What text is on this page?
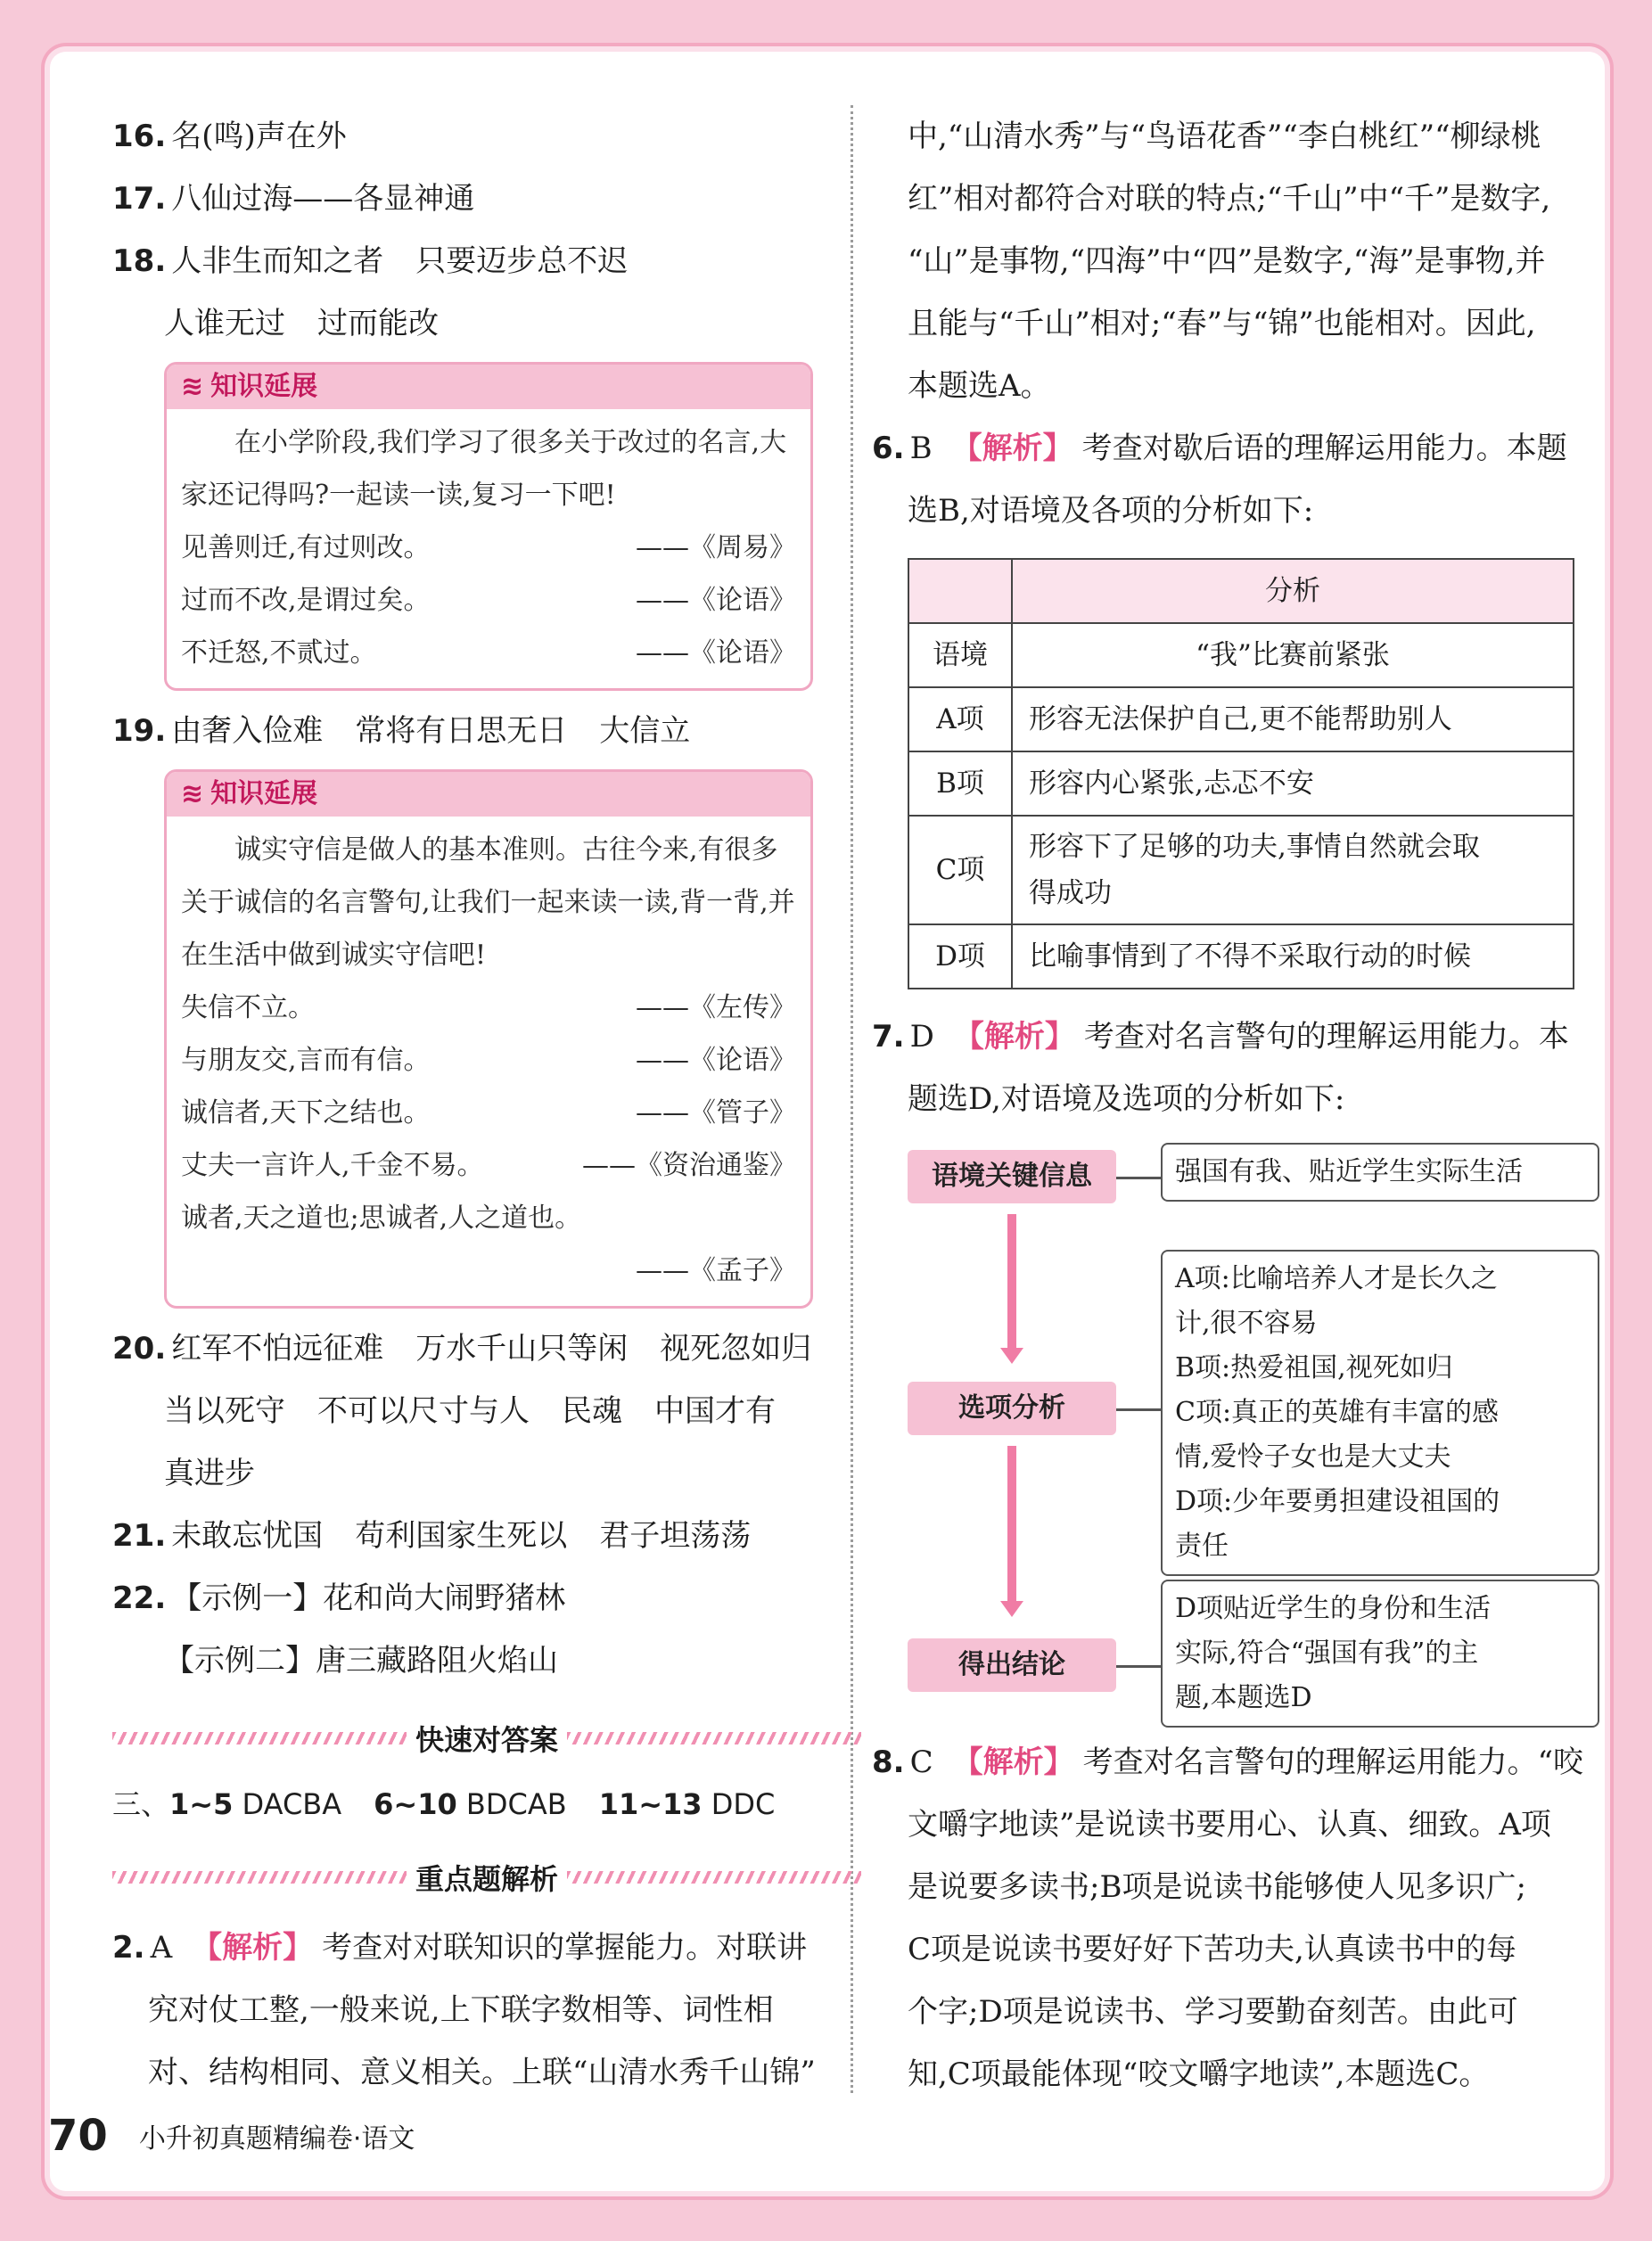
16. 名(鸣)声在外
17. 八仙过海——各显神通
18. 人非生而知之者 只要迈步总不迟
人谁无过 过而能改
≋ 知识延展
在小学阶段,我们学习了很多关于改过的名言,大家还记得吗?一起读一读,复习一下吧!
见善则迁,有过则改。	——《周易》
过而不改,是谓过矣。	——《论语》
不迁怒,不贰过。	——《论语》
19. 由奢入俭难 常将有日思无日 大信立
≋ 知识延展
诚实守信是做人的基本准则。古往今来,有很多关于诚信的名言警句,让我们一起来读一读,背一背,并在生活中做到诚实守信吧!
失信不立。	——《左传》
与朋友交,言而有信。	——《论语》
诚信者,天下之结也。	——《管子》
丈夫一言许人,千金不易。	——《资治通鉴》
诚者,天之道也;思诚者,人之道也。
——《孟子》
20. 红军不怕远征难 万水千山只等闲 视死忽如归
当以死守 不可以尺寸与人 民魂 中国才有
真进步
21. 未敢忘忧国 苟利国家生死以 君子坦荡荡
22. 【示例一】花和尚大闹野猪林
【示例二】唐三藏路阻火焰山
快速对答案
三、1~5 DACBA 6~10 BDCAB 11~13 DDC
重点题解析
2. A 【解析】 考查对对联知识的掌握能力。对联讲
究对仗工整,一般来说,上下联字数相等、词性相
对、结构相同、意义相关。上联“山清水秀千山锦”
中,“山清水秀”与“鸟语花香”“李白桃红”“柳绿桃
红”相对都符合对联的特点;“千山”中“千”是数字,
“山”是事物,“四海”中“四”是数字,“海”是事物,并
且能与“千山”相对;“春”与“锦”也能相对。因此,
本题选A。
6. B 【解析】 考查对歇后语的理解运用能力。本题
选B,对语境及各项的分析如下:
	分析
语境	“我”比赛前紧张
A项	形容无法保护自己,更不能帮助别人
B项	形容内心紧张,忐忑不安
C项	形容下了足够的功夫,事情自然就会取
得成功

D项	比喻事情到了不得不采取行动的时候
7. D 【解析】 考查对名言警句的理解运用能力。本
题选D,对语境及选项的分析如下:
语境关键信息	强国有我、贴近学生实际生活
选项分析
A项:比喻培养人才是长久之
计,很不容易
B项:热爱祖国,视死如归
C项:真正的英雄有丰富的感
情,爱怜子女也是大丈夫
D项:少年要勇担建设祖国的
责任
得出结论
D项贴近学生的身份和生活
实际,符合“强国有我”的主
题,本题选D
8. C 【解析】 考查对名言警句的理解运用能力。“咬
文嚼字地读”是说读书要用心、认真、细致。A项
是说要多读书;B项是说读书能够使人见多识广;
C项是说读书要好好下苦功夫,认真读书中的每
个字;D项是说读书、学习要勤奋刻苦。由此可
知,C项最能体现“咬文嚼字地读”,本题选C。
70 小升初真题精编卷·语文
